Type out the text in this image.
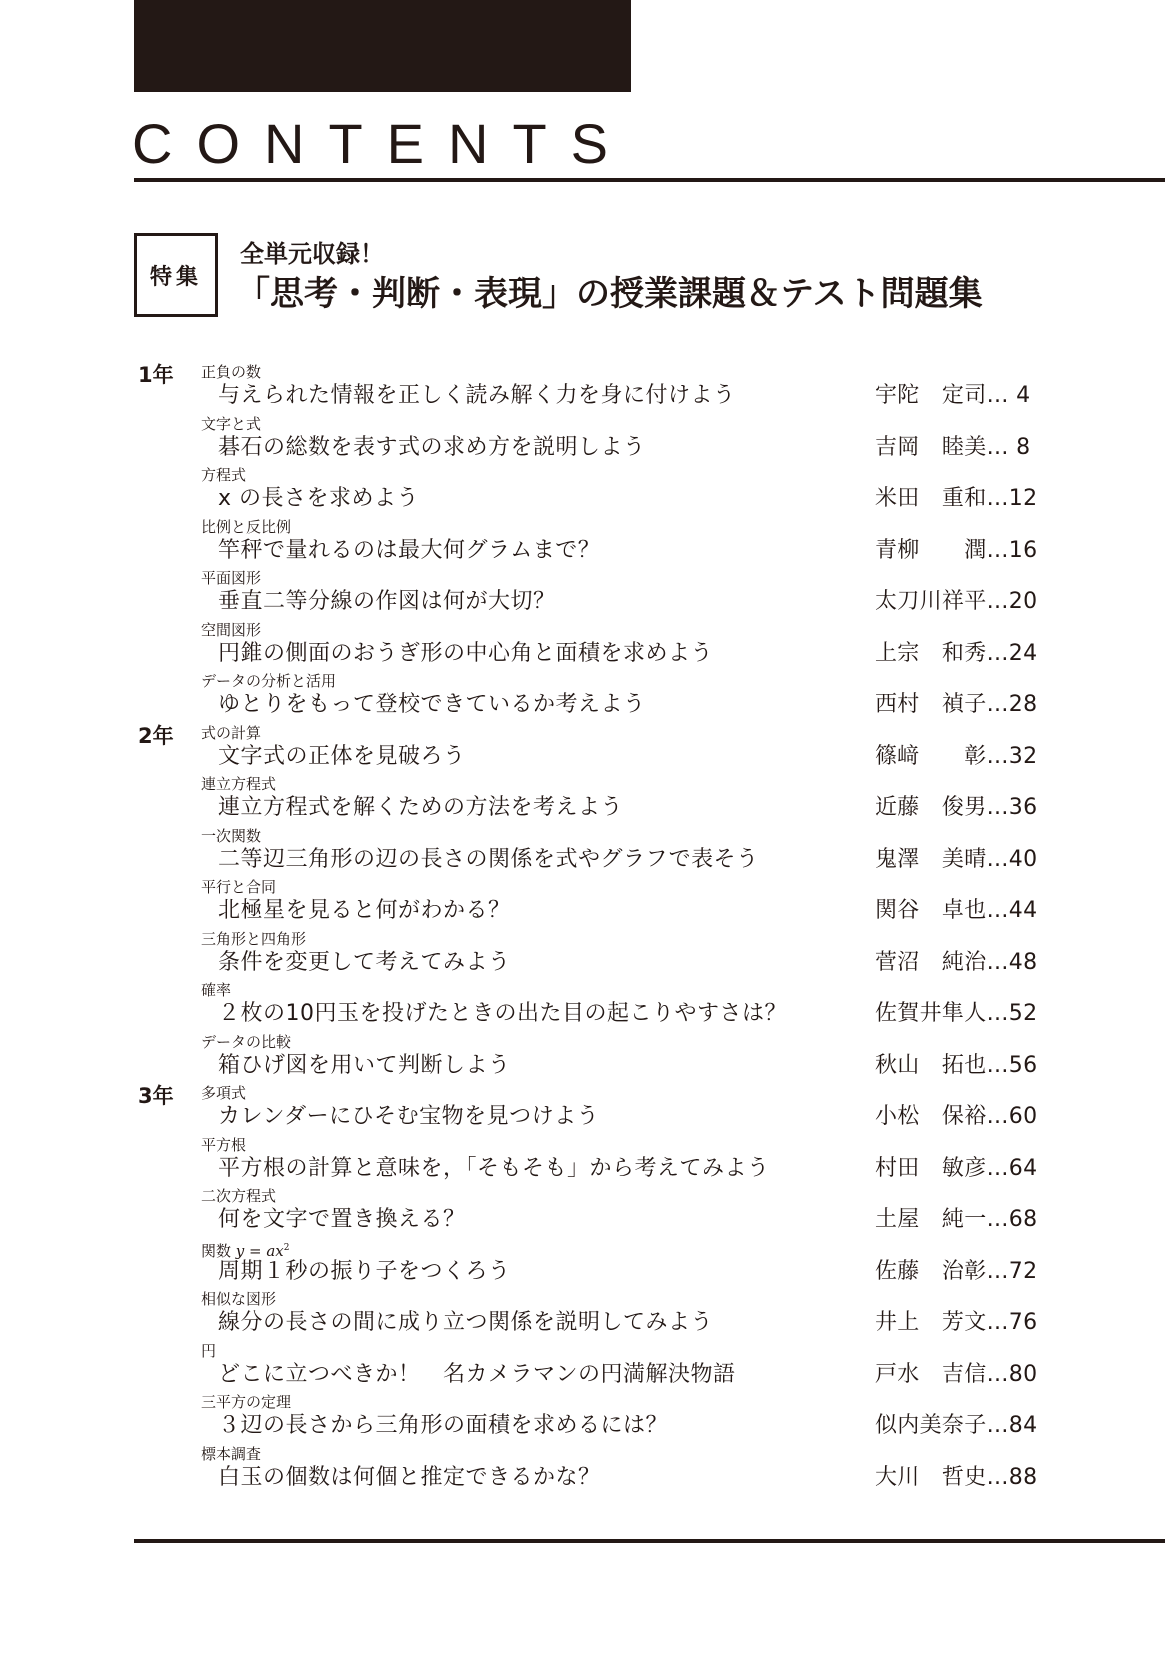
CONTENTS
特集
全単元収録！
「思考・判断・表現」の授業課題＆テスト問題集
1年 正負の数
与えられた情報を正しく読み解く力を身に付けよう	宇陀　定司… 4
文字と式
碁石の総数を表す式の求め方を説明しよう	吉岡　睦美… 8
方程式
x の長さを求めよう	米田　重和…12
比例と反比例
竿秤で量れるのは最大何グラムまで？	青柳　　潤…16
平面図形
垂直二等分線の作図は何が大切？	太刀川祥平…20
空間図形
円錐の側面のおうぎ形の中心角と面積を求めよう	上宗　和秀…24
データの分析と活用
ゆとりをもって登校できているか考えよう	西村　禎子…28
2年 式の計算
文字式の正体を見破ろう	篠﨑　　彰…32
連立方程式
連立方程式を解くための方法を考えよう	近藤　俊男…36
一次関数
二等辺三角形の辺の長さの関係を式やグラフで表そう	鬼澤　美晴…40
平行と合同
北極星を見ると何がわかる？	関谷　卓也…44
三角形と四角形
条件を変更して考えてみよう	菅沼　純治…48
確率
２枚の10円玉を投げたときの出た目の起こりやすさは？	佐賀井隼人…52
データの比較
箱ひげ図を用いて判断しよう	秋山　拓也…56
3年 多項式
カレンダーにひそむ宝物を見つけよう	小松　保裕…60
平方根
平方根の計算と意味を，「そもそも」から考えてみよう	村田　敏彦…64
二次方程式
何を文字で置き換える？	土屋　純一…68
関数 $y = ax^2$
周期１秒の振り子をつくろう	佐藤　治彰…72
相似な図形
線分の長さの間に成り立つ関係を説明してみよう	井上　芳文…76
円
どこに立つべきか！　名カメラマンの円満解決物語	戸水　吉信…80
三平方の定理
３辺の長さから三角形の面積を求めるには？	似内美奈子…84
標本調査
白玉の個数は何個と推定できるかな？	大川　哲史…88
